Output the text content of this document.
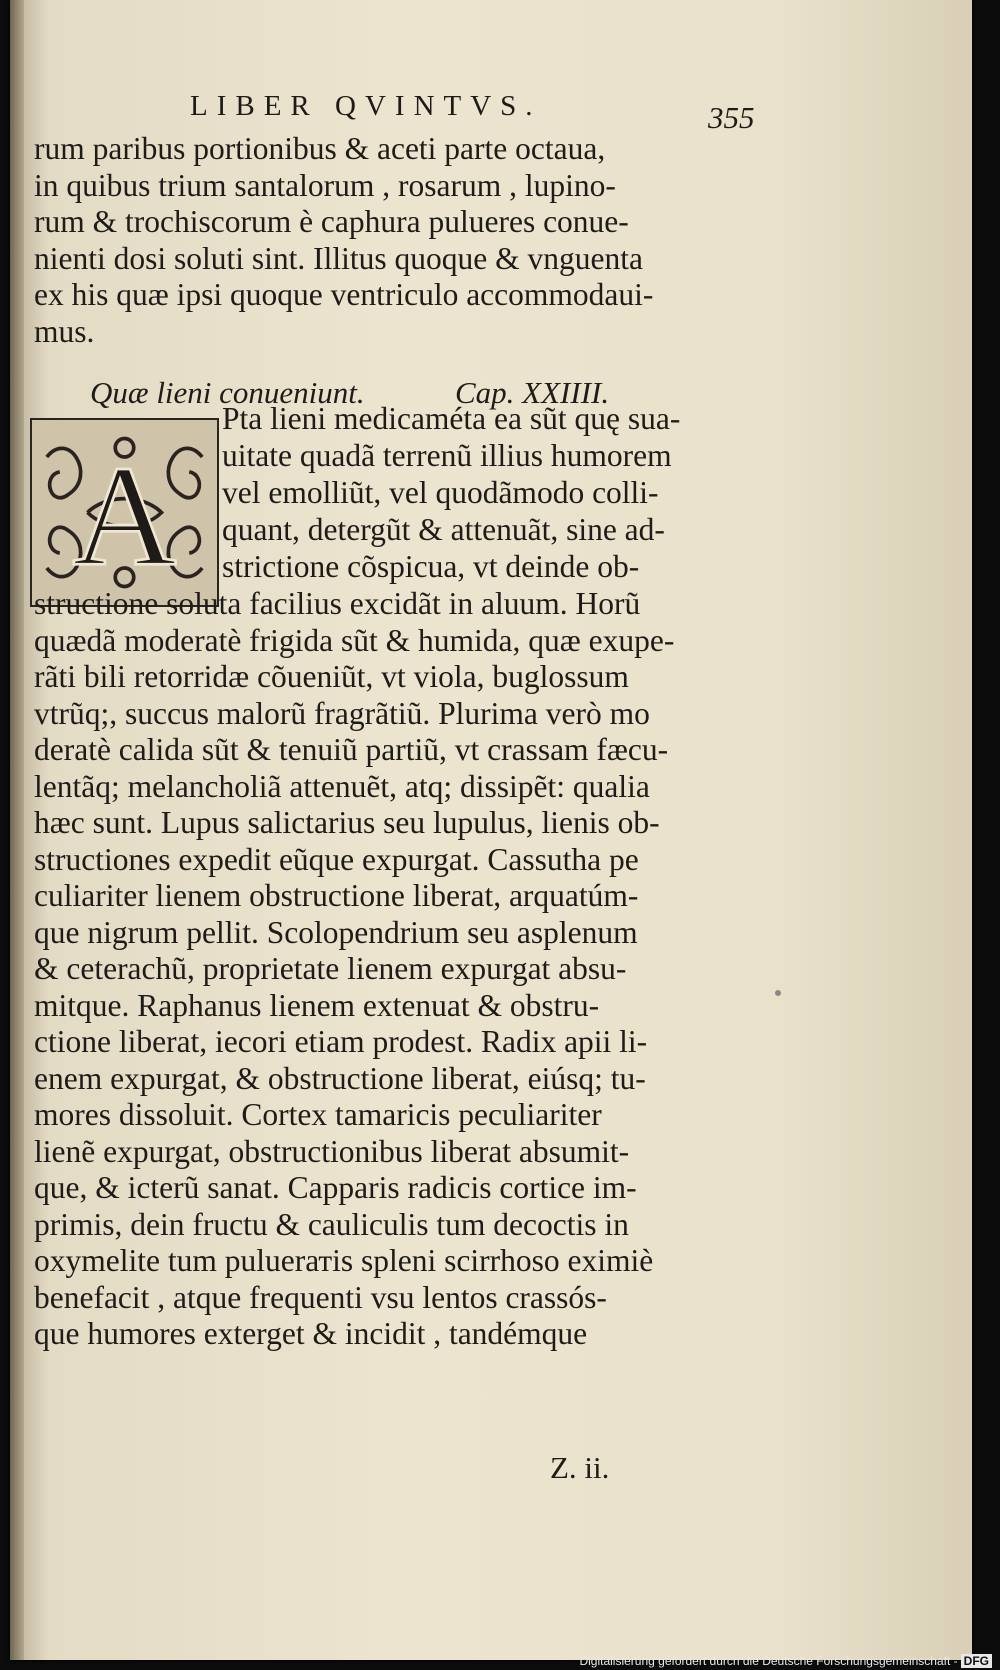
LIBER QVINTVS.	355
rum paribus portionibus & aceti parte octaua,
in quibus trium santalorum , rosarum , lupino-
rum & trochiscorum è caphura pulueres conue-
nienti dosi soluti sint. Illitus quoque & vnguenta
ex his quæ ipsi quoque ventriculo accommodaui-
mus.
Quæ lieni conueniunt.	Cap. XXIIII.
A
Pta lieni medicaméta ea sũt quę sua-
uitate quadã terrenũ illius humorem
vel emolliũt, vel quodãmodo colli-
quant, detergũt & attenuãt, sine ad-
strictione cõspicua, vt deinde ob-
structione soluta facilius excidãt in aluum. Horũ
quædã moderatè frigida sũt & humida, quæ exupe-
rãti bili retorridæ cõueniũt, vt viola, buglossum
vtrũq;, succus malorũ fragrãtiũ. Plurima verò mo
deratè calida sũt & tenuiũ partiũ, vt crassam fæcu-
lentãq; melancholiã attenuẽt, atq; dissipẽt: qualia
hæc sunt. Lupus salictarius seu lupulus, lienis ob-
structiones expedit eũque expurgat. Cassutha pe
culiariter lienem obstructione liberat, arquatúm-
que nigrum pellit. Scolopendrium seu asplenum
& ceterachũ, proprietate lienem expurgat absu-
mitque. Raphanus lienem extenuat & obstru-
ctione liberat, iecori etiam prodest. Radix apii li-
enem expurgat, & obstructione liberat, eiúsq; tu-
mores dissoluit. Cortex tamaricis peculiariter
lienẽ expurgat, obstructionibus liberat absumit-
que, & icterũ sanat. Capparis radicis cortice im-
primis, dein fructu & cauliculis tum decoctis in
oxymelite tum puluerатis spleni scirrhoso eximiè
benefacit , atque frequenti vsu lentos crassós-
que humores exterget & incidit , tandémque
Z. ii.
Digitalisierung gefördert durch die Deutsche Forschungsgemeinschaft - DFG
